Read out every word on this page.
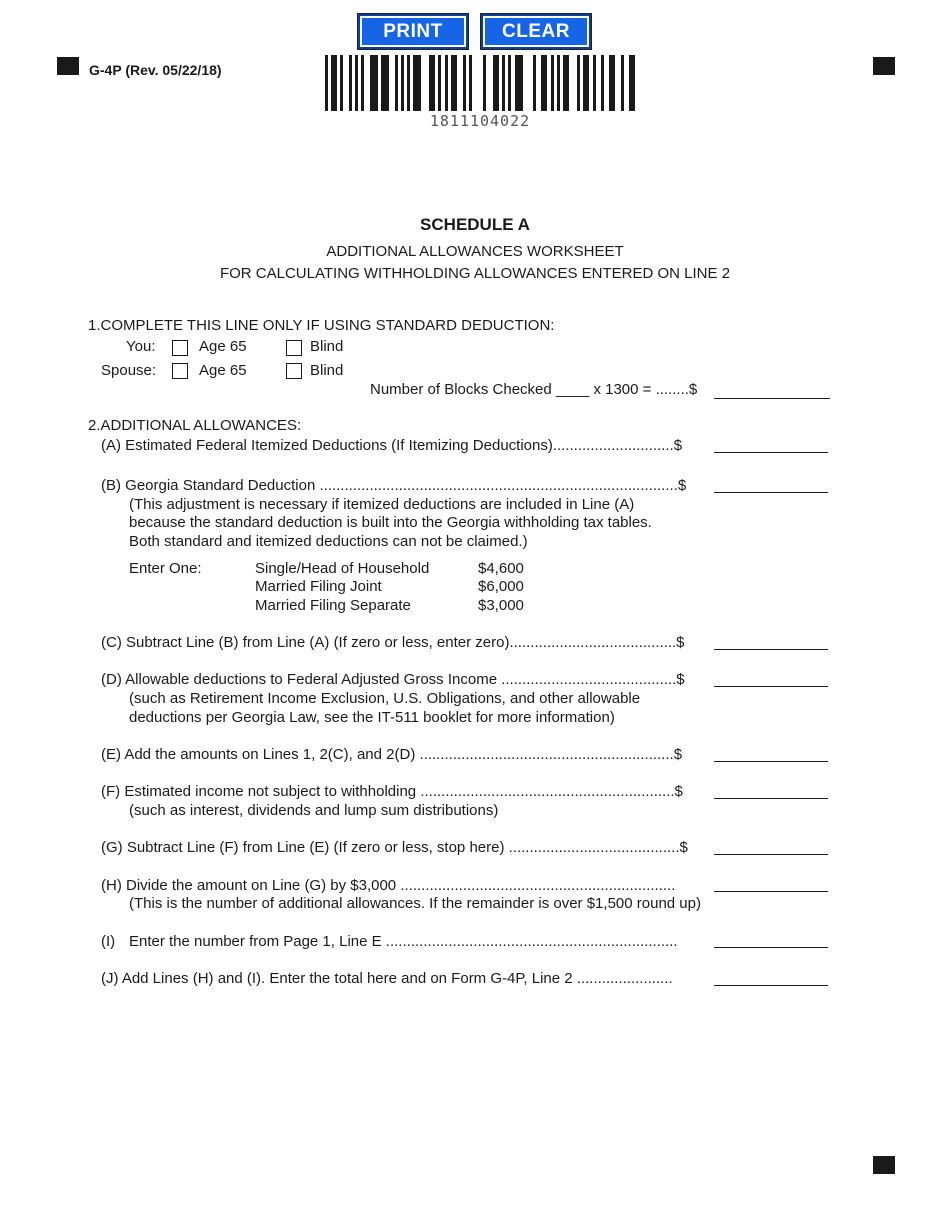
G-4P (Rev. 05/22/18)
PRINT	CLEAR
1811104022
SCHEDULE A
ADDITIONAL ALLOWANCES WORKSHEET
FOR CALCULATING WITHHOLDING ALLOWANCES ENTERED ON LINE 2
1.COMPLETE THIS LINE ONLY IF USING STANDARD DEDUCTION:
You:	Age 65	Blind
Spouse:	Age 65	Blind
Number of Blocks Checked ____ x 1300 = ........$
2.ADDITIONAL ALLOWANCES:
(A) Estimated Federal Itemized Deductions (If Itemizing Deductions).............................$
(B) Georgia Standard Deduction ......................................................................................$
(This adjustment is necessary if itemized deductions are included in Line (A)
because the standard deduction is built into the Georgia withholding tax tables.
Both standard and itemized deductions can not be claimed.)
Enter One:	Single/Head of Household	$4,600
Married Filing Joint	$6,000
Married Filing Separate	$3,000
(C) Subtract Line (B) from Line (A) (If zero or less, enter zero)........................................$
(D) Allowable deductions to Federal Adjusted Gross Income ..........................................$
(such as Retirement Income Exclusion, U.S. Obligations, and other allowable
deductions per Georgia Law, see the IT-511 booklet for more information)
(E) Add the amounts on Lines 1, 2(C), and 2(D) .............................................................$
(F) Estimated income not subject to withholding .............................................................$
(such as interest, dividends and lump sum distributions)
(G) Subtract Line (F) from Line (E) (If zero or less, stop here) .........................................$
(H) Divide the amount on Line (G) by $3,000 ..................................................................
(This is the number of additional allowances. If the remainder is over $1,500 round up)
(I) Enter the number from Page 1, Line E ......................................................................
(J) Add Lines (H) and (I). Enter the total here and on Form G-4P, Line 2 .......................
